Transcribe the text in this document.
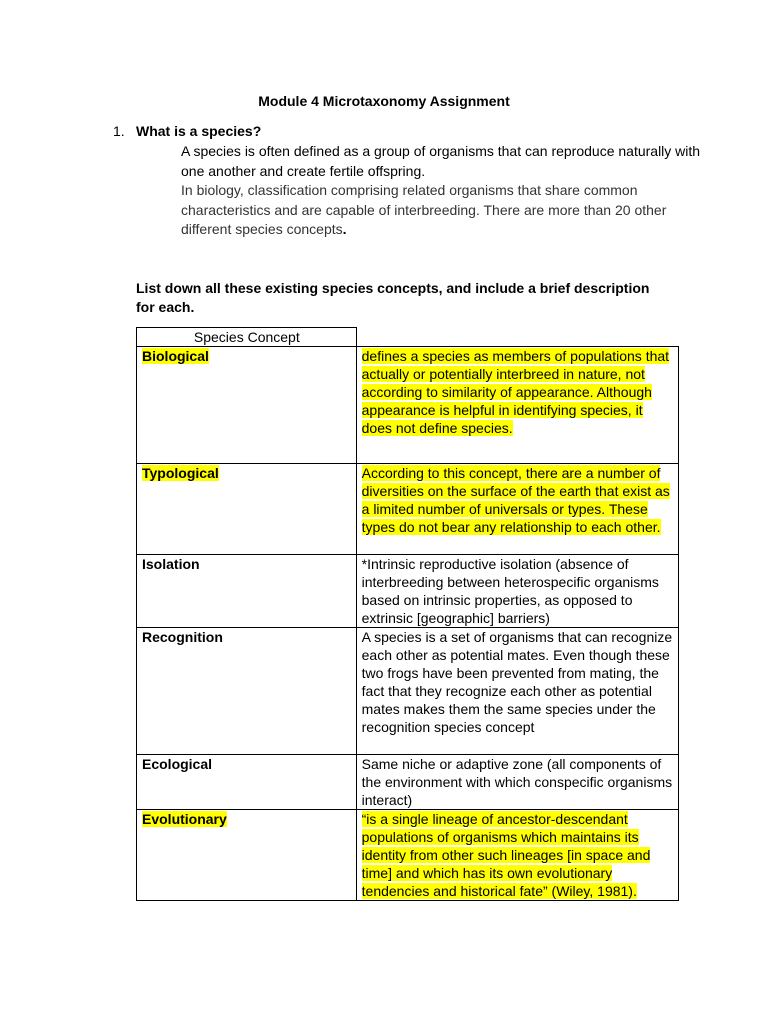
Module 4 Microtaxonomy Assignment
1. What is a species?

A species is often defined as a group of organisms that can reproduce naturally with one another and create fertile offspring.

In biology, classification comprising related organisms that share common characteristics and are capable of interbreeding. There are more than 20 other different species concepts.

List down all these existing species concepts, and include a brief description for each.
Species Concept	
Biological	defines a species as members of populations that actually or potentially interbreed in nature, not according to similarity of appearance. Although appearance is helpful in identifying species, it does not define species.
Typological	According to this concept, there are a number of diversities on the surface of the earth that exist as a limited number of universals or types. These types do not bear any relationship to each other.
Isolation	*Intrinsic reproductive isolation (absence of interbreeding between heterospecific organisms based on intrinsic properties, as opposed to extrinsic [geographic] barriers)
Recognition	A species is a set of organisms that can recognize each other as potential mates. Even though these two frogs have been prevented from mating, the fact that they recognize each other as potential mates makes them the same species under the recognition species concept
Ecological	Same niche or adaptive zone (all components of the environment with which conspecific organisms interact)
Evolutionary	“is a single lineage of ancestor-descendant populations of organisms which maintains its identity from other such lineages [in space and time] and which has its own evolutionary tendencies and historical fate” (Wiley, 1981).
